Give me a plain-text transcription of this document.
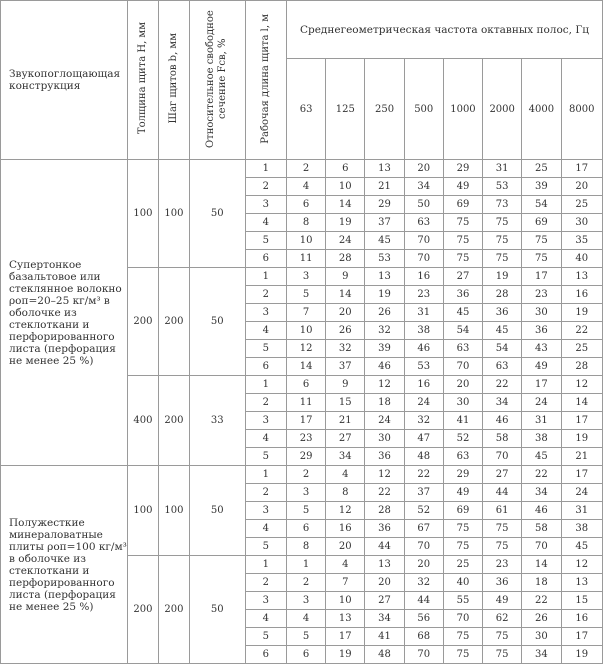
Звукопоглощающая конструкция	Толщина щита H, мм	Шаг щитов b, мм	Относительное свободное сечение Fсв, %	Рабочая длина щита l, м	Среднегеометрическая частота октавных полос, Гц							
					63	125	250	500	1000	2000	4000	8000
Супертонкое базальтовое или стеклянное волокно ρоп=20–25 кг/м³ в оболочке из стеклоткани и перфорированного листа (перфорация не менее 25 %)	100	100	50	1	2	6	13	20	29	31	25	17
				2	4	10	21	34	49	53	39	20
				3	6	14	29	50	69	73	54	25
				4	8	19	37	63	75	75	69	30
				5	10	24	45	70	75	75	75	35
				6	11	28	53	70	75	75	75	40
	200	200	50	1	3	9	13	16	27	19	17	13
				2	5	14	19	23	36	28	23	16
				3	7	20	26	31	45	36	30	19
				4	10	26	32	38	54	45	36	22
				5	12	32	39	46	63	54	43	25
				6	14	37	46	53	70	63	49	28
	400	200	33	1	6	9	12	16	20	22	17	12
				2	11	15	18	24	30	34	24	14
				3	17	21	24	32	41	46	31	17
				4	23	27	30	47	52	58	38	19
				5	29	34	36	48	63	70	45	21
Полужесткие минераловатные плиты ρоп=100 кг/м³ в оболочке из стеклоткани и перфорированного листа (перфорация не менее 25 %)	100	100	50	1	2	4	12	22	29	27	22	17
				2	3	8	22	37	49	44	34	24
				3	5	12	28	52	69	61	46	31
				4	6	16	36	67	75	75	58	38
				5	8	20	44	70	75	75	70	45
	200	200	50	1	1	4	13	20	25	23	14	12
				2	2	7	20	32	40	36	18	13
				3	3	10	27	44	55	49	22	15
				4	4	13	34	56	70	62	26	16
				5	5	17	41	68	75	75	30	17
				6	6	19	48	70	75	75	34	19
